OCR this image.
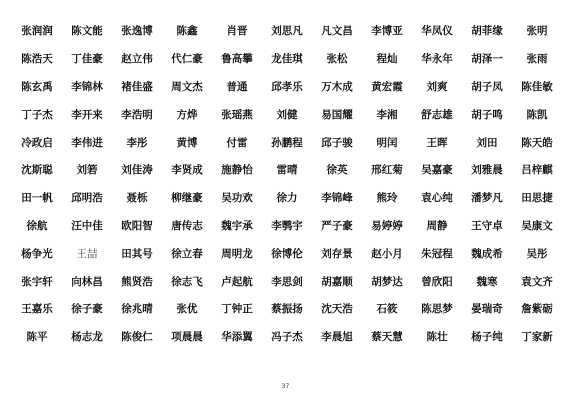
张润润	陈文能	张逸博	陈鑫	肖晋	刘思凡	凡文昌	李博亚	华凤仪	胡菲缘	张明
陈浩天	丁佳豪	赵立伟	代仁豪	鲁高攀	龙佳琪	张松	程灿	华永年	胡泽一	张雨
陈玄禹	李锦林	褚佳盛	周文杰	普通	邱孝乐	万木成	黄宏霞	刘爽	胡子凤	陈佳敏
丁子杰	李开来	李浩明	方烨	张瑶燕	刘健	易国耀	李湘	舒志雄	胡子鸣	陈凯
冷政启	李伟进	李彤	黄博	付雷	孙鹏程	邱子骏	明闰	王晖	刘田	陈天皓
沈斯聪	刘箬	刘佳涛	李贤成	施静怡	雷晴	徐英	邢红菊	吴嘉豪	刘雅晨	吕梓麒
田一帆	邱明浩	聂栎	柳继豪	吴功欢	徐力	李锦峰	熊玲	袁心纯	潘梦凡	田思捷
徐航	汪中佳	欧阳智	唐传志	魏宇承	李鹗宇	严子豪	易婷婷	周静	王守卓	吴康文
杨争光	王喆	田其号	徐立春	周明龙	徐博伦	刘存景	赵小月	朱冠程	魏成希	吴彤
张宇轩	向林昌	熊贤浩	徐志飞	卢起航	李思剑	胡嘉顺	胡梦达	曾欣阳	魏寒	袁文齐
王嘉乐	徐子豪	徐兆晴	张优	丁钟正	蔡振扬	沈天浩	石筱	陈思梦	晏瑞奇	詹紫砺
陈平	杨志龙	陈俊仁	项晨晨	华添翼	冯子杰	李晨旭	蔡天慧	陈壮	杨子纯	丁家新
37
